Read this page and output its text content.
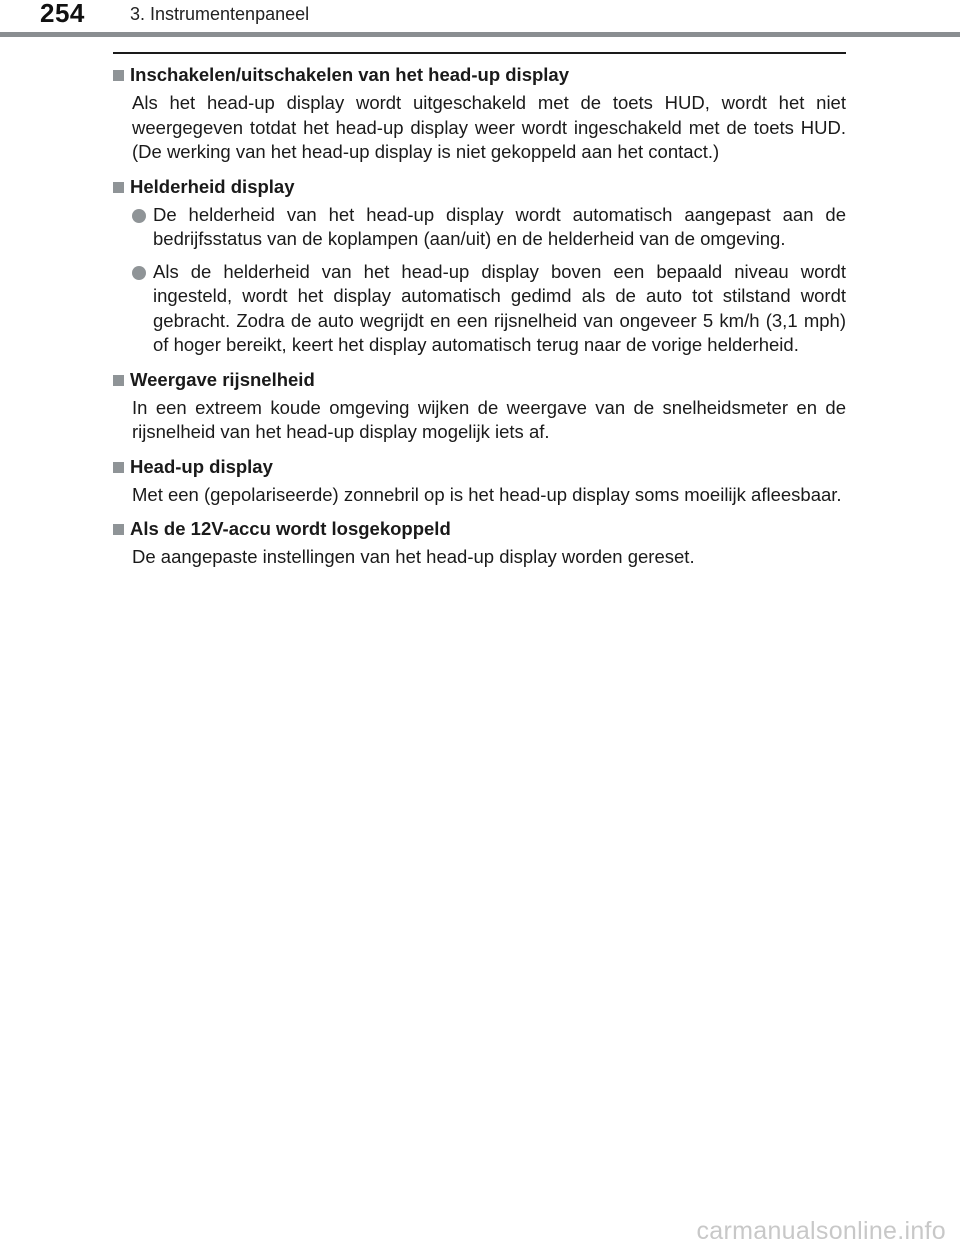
254	3. Instrumentenpaneel
Inschakelen/uitschakelen van het head-up display

Als het head-up display wordt uitgeschakeld met de toets HUD, wordt het niet weergegeven totdat het head-up display weer wordt ingeschakeld met de toets HUD. (De werking van het head-up display is niet gekoppeld aan het contact.)

Helderheid display
De helderheid van het head-up display wordt automatisch aangepast aan de bedrijfsstatus van de koplampen (aan/uit) en de helderheid van de omgeving.
Als de helderheid van het head-up display boven een bepaald niveau wordt ingesteld, wordt het display automatisch gedimd als de auto tot stilstand wordt gebracht. Zodra de auto wegrijdt en een rijsnelheid van ongeveer 5 km/h (3,1 mph) of hoger bereikt, keert het display automatisch terug naar de vorige helderheid.
Weergave rijsnelheid

In een extreem koude omgeving wijken de weergave van de snelheidsmeter en de rijsnelheid van het head-up display mogelijk iets af.

Head-up display

Met een (gepolariseerde) zonnebril op is het head-up display soms moeilijk afleesbaar.

Als de 12V-accu wordt losgekoppeld

De aangepaste instellingen van het head-up display worden gereset.

carmanualsonline.info
